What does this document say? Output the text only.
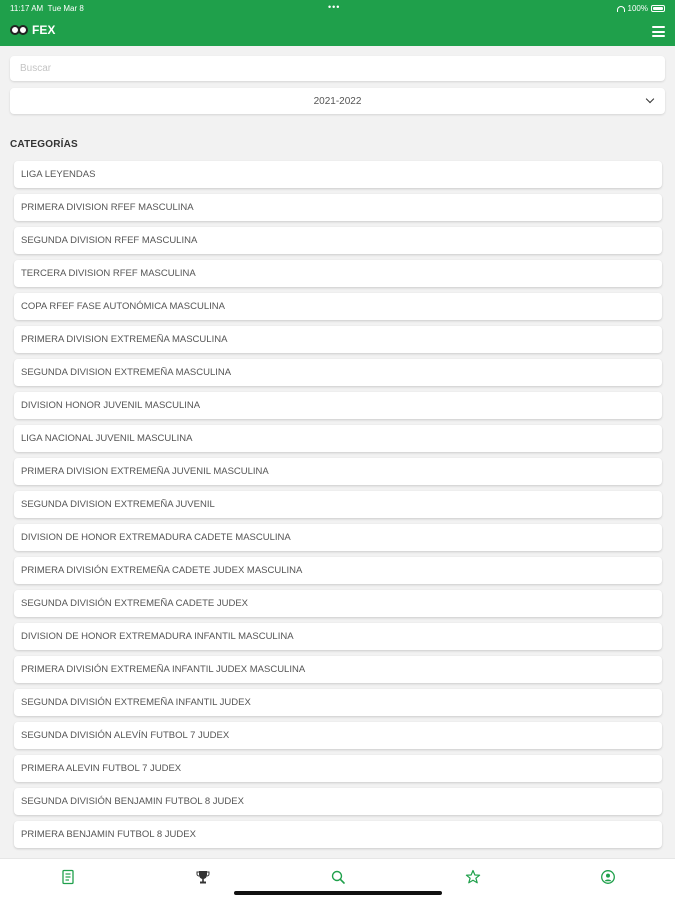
11:17 AM Tue Mar 8	•••	100%
FEX
Buscar
2021-2022
CATEGORÍAS
LIGA LEYENDAS
PRIMERA DIVISION RFEF MASCULINA
SEGUNDA DIVISION RFEF MASCULINA
TERCERA DIVISION RFEF MASCULINA
COPA RFEF FASE AUTONÓMICA MASCULINA
PRIMERA DIVISION EXTREMEÑA MASCULINA
SEGUNDA DIVISION EXTREMEÑA MASCULINA
DIVISION HONOR JUVENIL MASCULINA
LIGA NACIONAL JUVENIL MASCULINA
PRIMERA DIVISION EXTREMEÑA JUVENIL MASCULINA
SEGUNDA DIVISION EXTREMEÑA JUVENIL
DIVISION DE HONOR EXTREMADURA CADETE MASCULINA
PRIMERA DIVISIÓN EXTREMEÑA CADETE JUDEX MASCULINA
SEGUNDA DIVISIÓN EXTREMEÑA CADETE JUDEX
DIVISION DE HONOR EXTREMADURA INFANTIL MASCULINA
PRIMERA DIVISIÓN EXTREMEÑA INFANTIL JUDEX MASCULINA
SEGUNDA DIVISIÓN EXTREMEÑA INFANTIL JUDEX
SEGUNDA DIVISIÓN ALEVÍN FUTBOL 7 JUDEX
PRIMERA ALEVIN FUTBOL 7 JUDEX
SEGUNDA DIVISIÓN BENJAMIN FUTBOL 8 JUDEX
PRIMERA BENJAMIN FUTBOL 8 JUDEX
